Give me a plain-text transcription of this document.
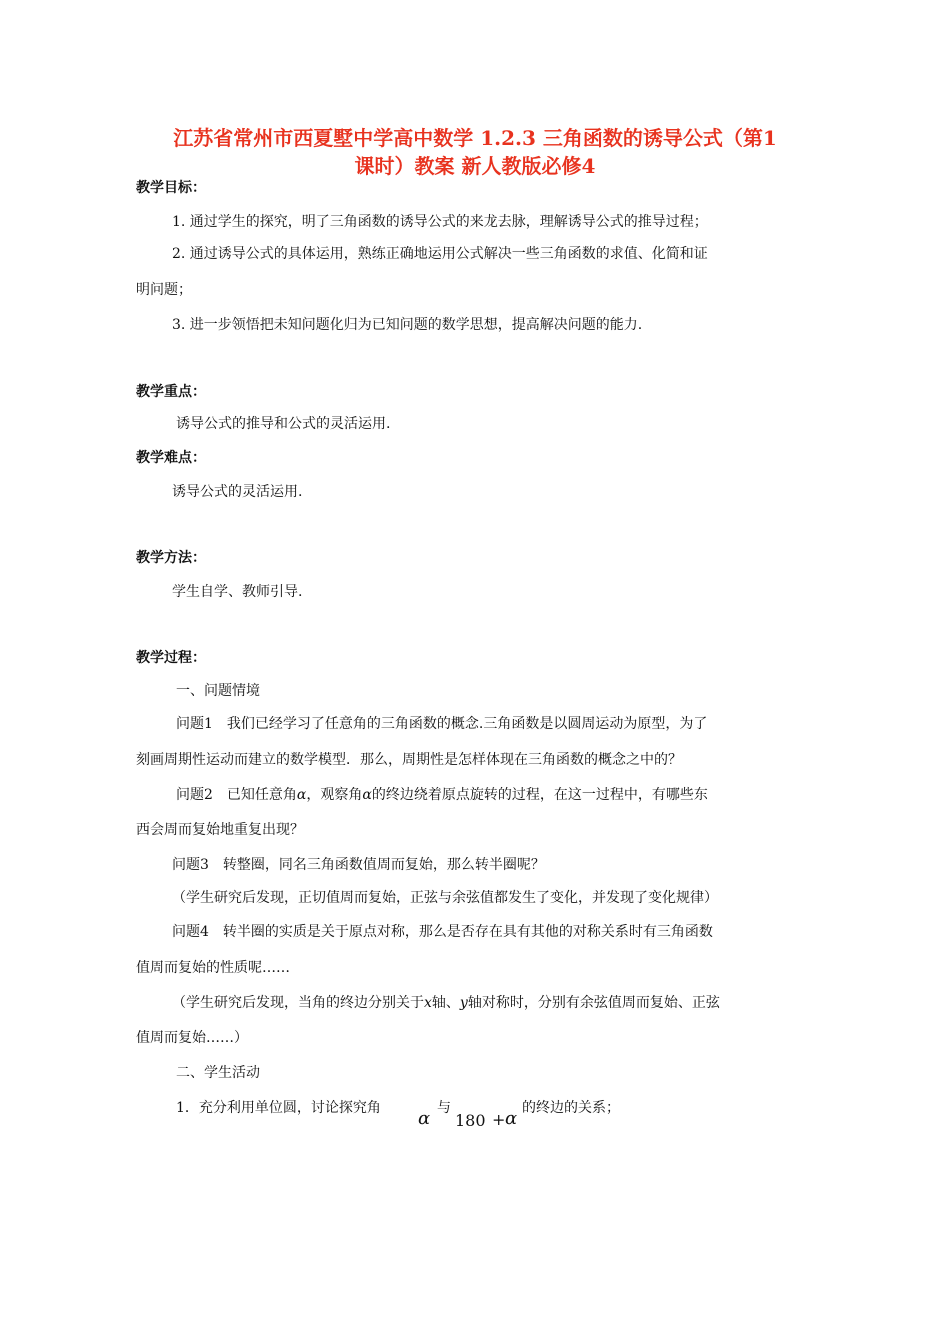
江苏省常州市西夏墅中学高中数学 1.2.3 三角函数的诱导公式（第1
课时）教案 新人教版必修4
教学目标：
1. 通过学生的探究，明了三角函数的诱导公式的来龙去脉，理解诱导公式的推导过程；
2. 通过诱导公式的具体运用，熟练正确地运用公式解决一些三角函数的求值、化简和证
明问题；
3. 进一步领悟把未知问题化归为已知问题的数学思想，提高解决问题的能力.
教学重点：
诱导公式的推导和公式的灵活运用.
教学难点：
诱导公式的灵活运用.
教学方法：
学生自学、教师引导.
教学过程：
一、问题情境
问题1　我们已经学习了任意角的三角函数的概念.三角函数是以圆周运动为原型，为了
刻画周期性运动而建立的数学模型．那么，周期性是怎样体现在三角函数的概念之中的？
问题2　已知任意角α，观察角α的终边绕着原点旋转的过程，在这一过程中，有哪些东
西会周而复始地重复出现？
问题3　转整圈，同名三角函数值周而复始，那么转半圈呢？
（学生研究后发现，正切值周而复始，正弦与余弦值都发生了变化，并发现了变化规律）
问题4　转半圈的实质是关于原点对称，那么是否存在具有其他的对称关系时有三角函数
值周而复始的性质呢……
（学生研究后发现，当角的终边分别关于x轴、y轴对称时，分别有余弦值周而复始、正弦
值周而复始……）
二、学生活动
1．充分利用单位圆，讨论探究角 α 与
180 + α 的终边的关系；
